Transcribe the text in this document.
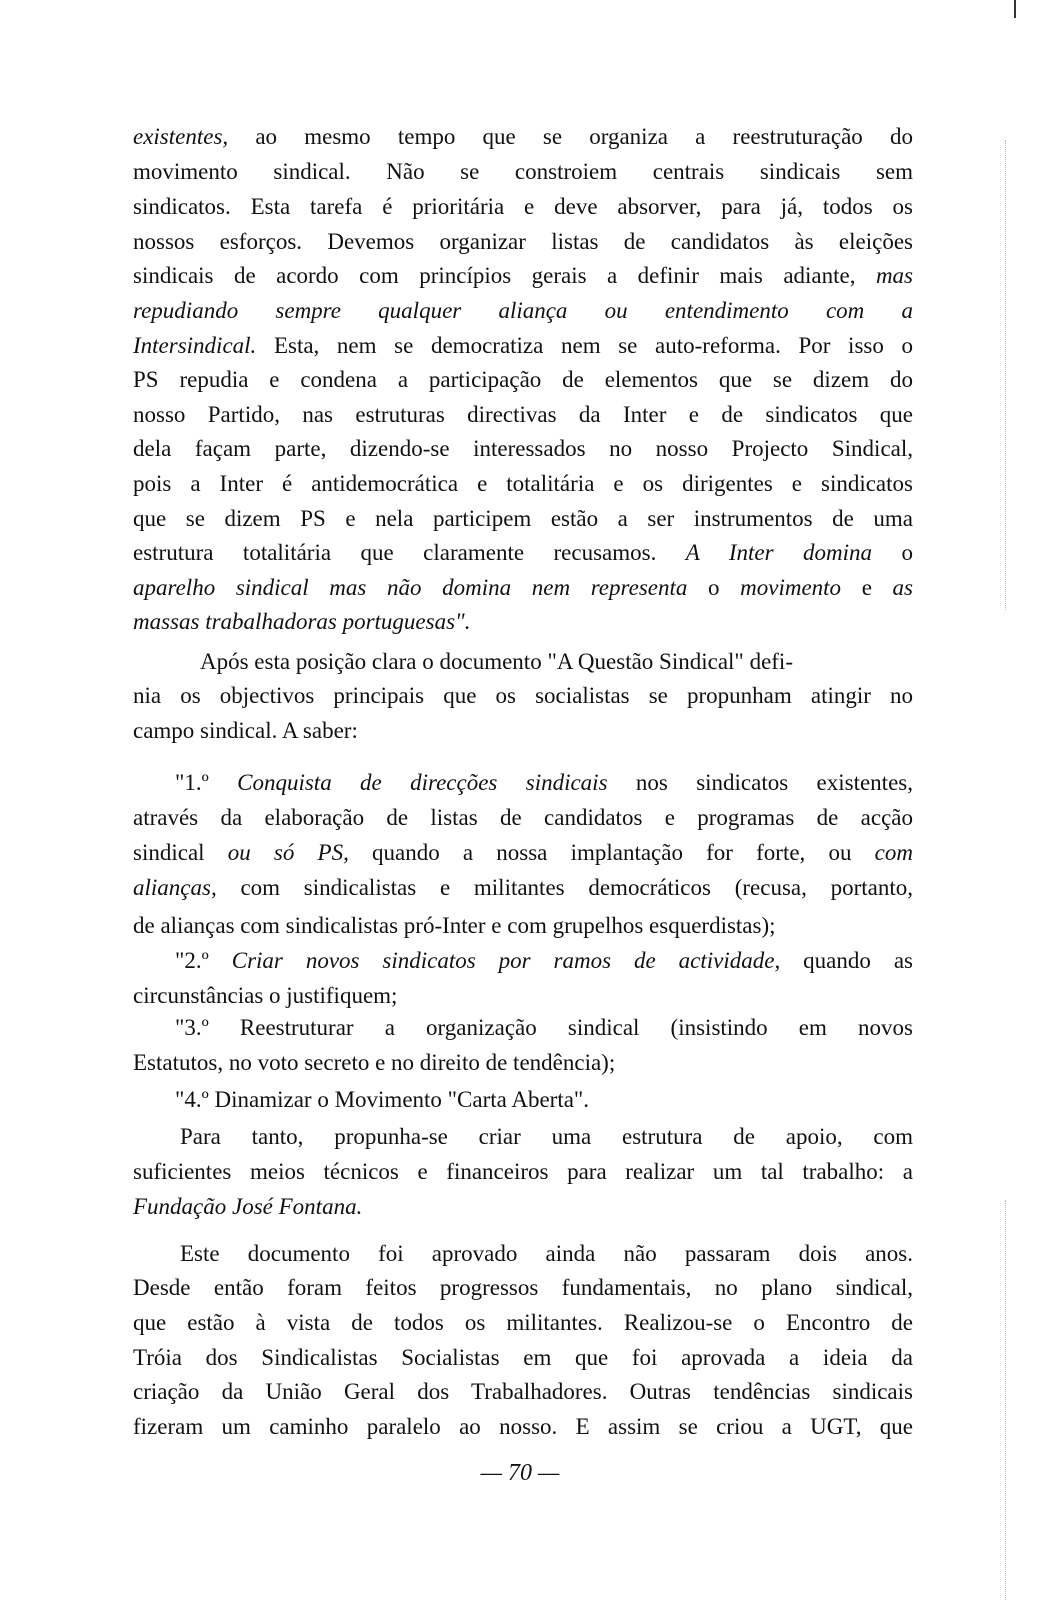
existentes, ao mesmo tempo que se organiza a reestruturação do
movimento sindical. Não se constroiem centrais sindicais sem
sindicatos. Esta tarefa é prioritária e deve absorver, para já, todos os
nossos esforços. Devemos organizar listas de candidatos às eleições
sindicais de acordo com princípios gerais a definir mais adiante, mas
repudiando sempre qualquer aliança ou entendimento com a
Intersindical. Esta, nem se democratiza nem se auto-reforma. Por isso o
PS repudia e condena a participação de elementos que se dizem do
nosso Partido, nas estruturas directivas da Inter e de sindicatos que
dela façam parte, dizendo-se interessados no nosso Projecto Sindical,
pois a Inter é antidemocrática e totalitária e os dirigentes e sindicatos
que se dizem PS e nela participem estão a ser instrumentos de uma
estrutura totalitária que claramente recusamos. A Inter domina o
aparelho sindical mas não domina nem representa o movimento e as
massas trabalhadoras portuguesas".
Após esta posição clara o documento "A Questão Sindical" defi-
nia os objectivos principais que os socialistas se propunham atingir no
campo sindical. A saber:
"1.º Conquista de direcções sindicais nos sindicatos existentes,
através da elaboração de listas de candidatos e programas de acção
sindical ou só PS, quando a nossa implantação for forte, ou com
alianças, com sindicalistas e militantes democráticos (recusa, portanto,
de alianças com sindicalistas pró-Inter e com grupelhos esquerdistas);
"2.º Criar novos sindicatos por ramos de actividade, quando as
circunstâncias o justifiquem;
"3.º Reestruturar a organização sindical (insistindo em novos
Estatutos, no voto secreto e no direito de tendência);
"4.º Dinamizar o Movimento "Carta Aberta".
Para tanto, propunha-se criar uma estrutura de apoio, com
suficientes meios técnicos e financeiros para realizar um tal trabalho: a
Fundação José Fontana.
Este documento foi aprovado ainda não passaram dois anos.
Desde então foram feitos progressos fundamentais, no plano sindical,
que estão à vista de todos os militantes. Realizou-se o Encontro de
Tróia dos Sindicalistas Socialistas em que foi aprovada a ideia da
criação da União Geral dos Trabalhadores. Outras tendências sindicais
fizeram um caminho paralelo ao nosso. E assim se criou a UGT, que
— 70 —
